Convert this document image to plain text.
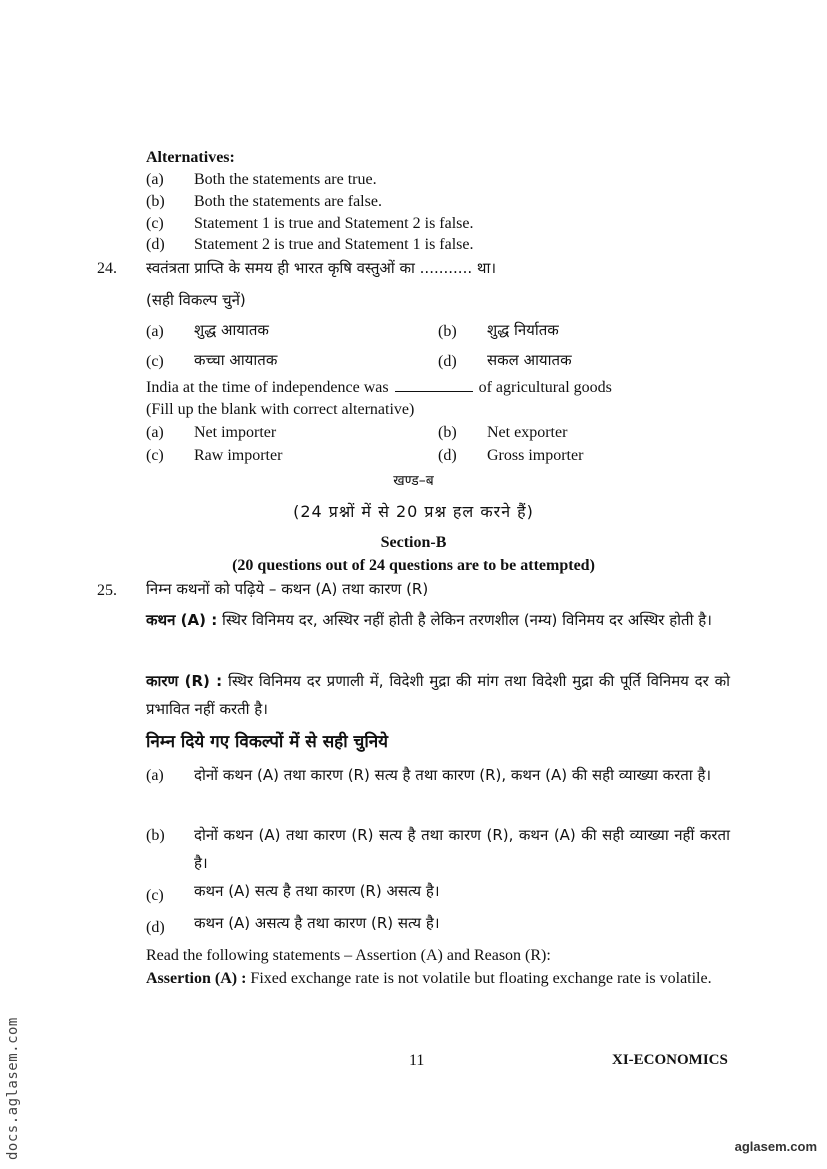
Alternatives:
(a) Both the statements are true.
(b) Both the statements are false.
(c) Statement 1 is true and Statement 2 is false.
(d) Statement 2 is true and Statement 1 is false.
24. स्वतंत्रता प्राप्ति के समय ही भारत कृषि वस्तुओं का ........... था।
(सही विकल्प चुनें)
(a) शुद्ध आयातक	(b) शुद्ध निर्यातक
(c) कच्चा आयातक	(d) सकल आयातक
India at the time of independence was	of agricultural goods
(Fill up the blank with correct alternative)
(a) Net importer	(b) Net exporter
(c) Raw importer	(d) Gross importer
खण्ड–ब
(24 प्रश्नों में से 20 प्रश्न हल करने हैं)
Section-B
(20 questions out of 24 questions are to be attempted)
25. निम्न कथनों को पढ़िये – कथन (A) तथा कारण (R)
कथन (A) : स्थिर विनिमय दर, अस्थिर नहीं होती है लेकिन तरणशील (नम्य) विनिमय दर अस्थिर होती है।
कारण (R) : स्थिर विनिमय दर प्रणाली में, विदेशी मुद्रा की मांग तथा विदेशी मुद्रा की पूर्ति विनिमय दर को प्रभावित नहीं करती है।
निम्न दिये गए विकल्पों में से सही चुनिये
(a) दोनों कथन (A) तथा कारण (R) सत्य है तथा कारण (R), कथन (A) की सही व्याख्या करता है।
(b) दोनों कथन (A) तथा कारण (R) सत्य है तथा कारण (R), कथन (A) की सही व्याख्या नहीं करता है।
(c) कथन (A) सत्य है तथा कारण (R) असत्य है।
(d) कथन (A) असत्य है तथा कारण (R) सत्य है।
Read the following statements – Assertion (A) and Reason (R):
Assertion (A) : Fixed exchange rate is not volatile but floating exchange rate is volatile.
11	XI-ECONOMICS
docs.aglasem.com	aglasem.com
